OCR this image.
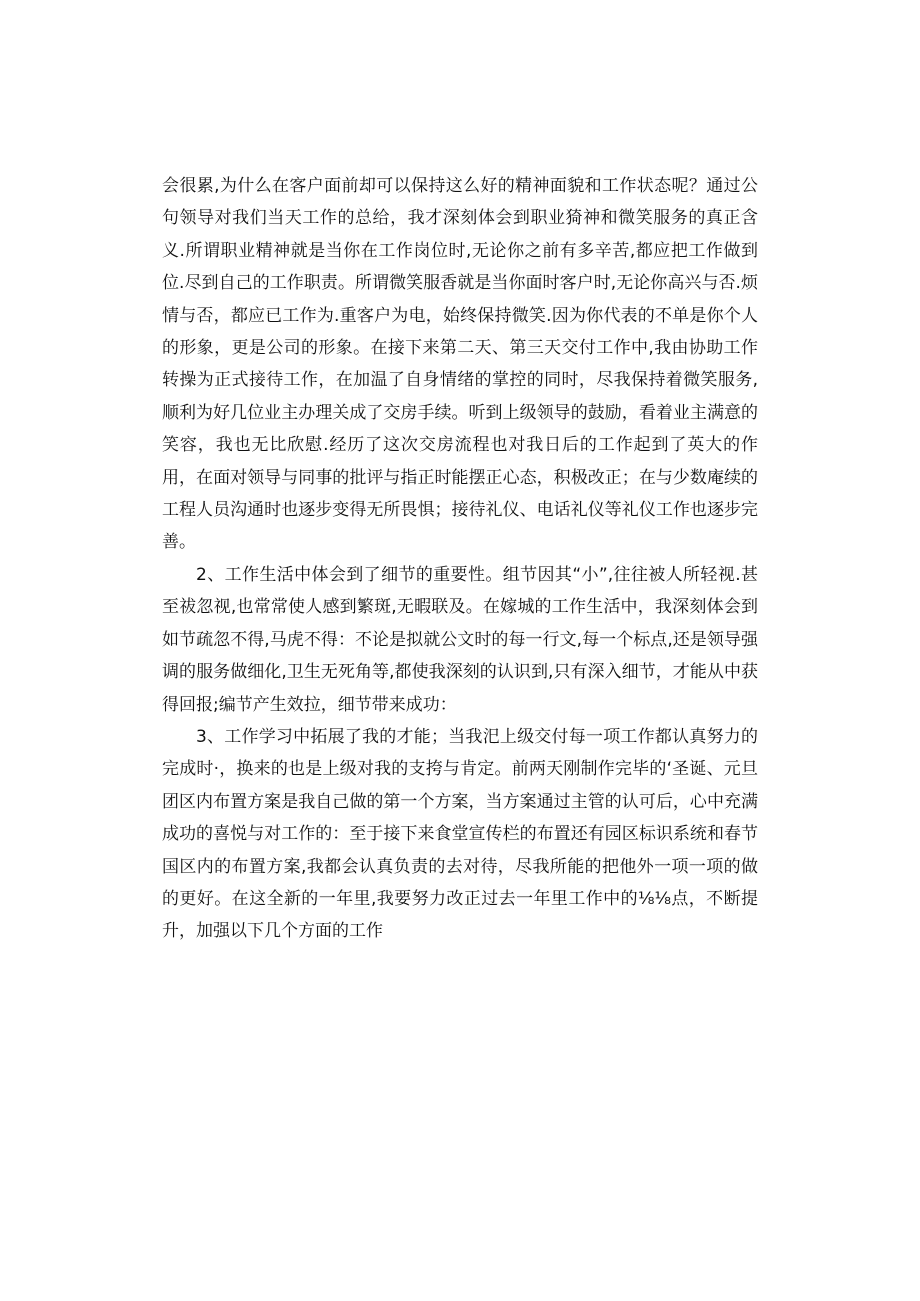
会很累,为什么在客户面前却可以保持这么好的精神面貌和工作状态呢？通过公句领导对我们当天工作的总给，我才深刻体会到职业猗神和微笑服务的真正含义.所谓职业精神就是当你在工作岗位时,无论你之前有多辛苦,都应把工作做到位.尽到自己的工作职责。所谓微笑服香就是当你面时客户时,无论你高兴与否.烦情与否，都应已工作为.重客户为电，始终保持微笑.因为你代表的不单是你个人的形象，更是公司的形象。在接下来第二天、第三天交付工作中,我由协助工作转操为正式接待工作，在加温了自身情绪的掌控的同时，尽我保持着微笑服务,顺利为好几位业主办理关成了交房手续。听到上级领导的鼓励，看着业主满意的笑容，我也无比欣慰.经历了这次交房流程也对我日后的工作起到了英大的作用，在面对领导与同事的批评与指正时能摆正心态，积极改正；在与少数庵续的工程人员沟通时也逐步变得无所畏惧；接待礼仪、电话礼仪等礼仪工作也逐步完善。

2、工作生活中体会到了细节的重要性。组节因其“小”,往往被人所轻视.甚至祓忽视,也常常使人感到繁斑,无暇联及。在嫁城的工作生活中，我深刻体会到如节疏忽不得,马虎不得：不论是拟就公文时的每一行文,每一个标点,还是领导强调的服务做细化,卫生无死角等,都使我深刻的认识到,只有深入细节，才能从中获得回报;编节产生效拉，细节带来成功：

3、工作学习中拓展了我的才能；当我汜上级交付每一项工作都认真努力的完成时·，换来的也是上级对我的支挎与肯定。前两天刚制作完毕的‘圣诞、元旦团区内布置方案是我自己做的第一个方案，当方案通过主管的认可后，心中充满成功的喜悦与对工作的：至于接下来食堂宣传栏的布置还有园区标识系统和春节国区内的布置方案,我都会认真负责的去对待，尽我所能的把他外一项一项的做的更好。在这全新的一年里,我要努力改正过去一年里工作中的⅛⅛点，不断提升，加强以下几个方面的工作
